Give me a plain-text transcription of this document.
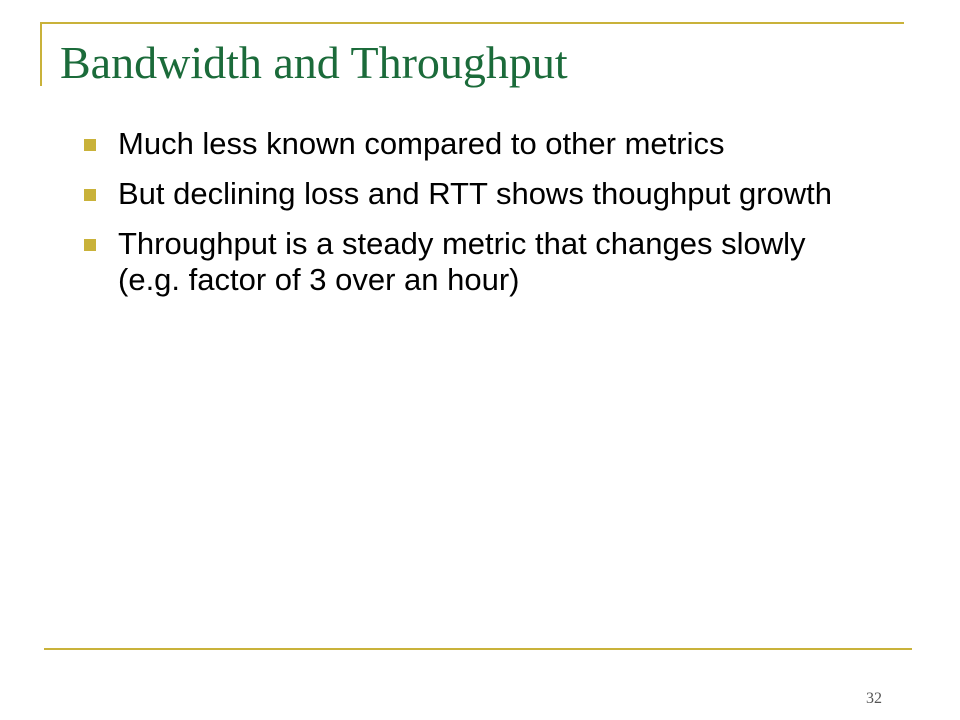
Bandwidth and Throughput
Much less known compared to other metrics
But declining loss and RTT shows thoughput growth
Throughput is a steady metric that changes slowly (e.g. factor of 3 over an hour)
32
